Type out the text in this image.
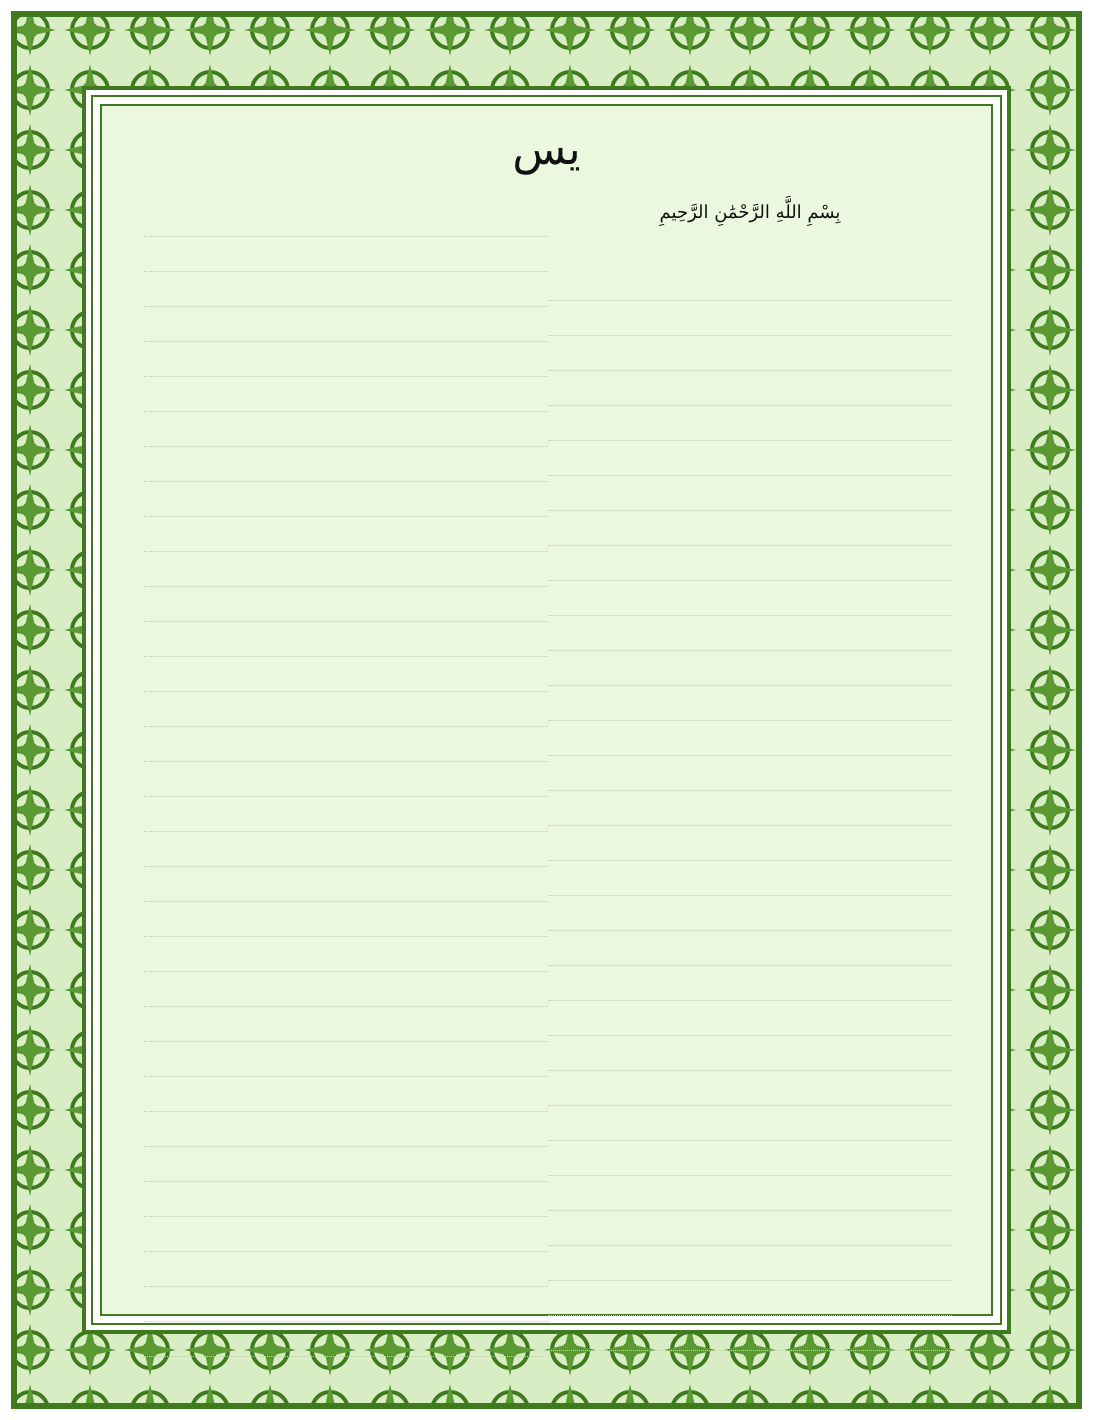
يس
بِسْمِ اللَّهِ الرَّحْمَٰنِ الرَّحِيمِ
